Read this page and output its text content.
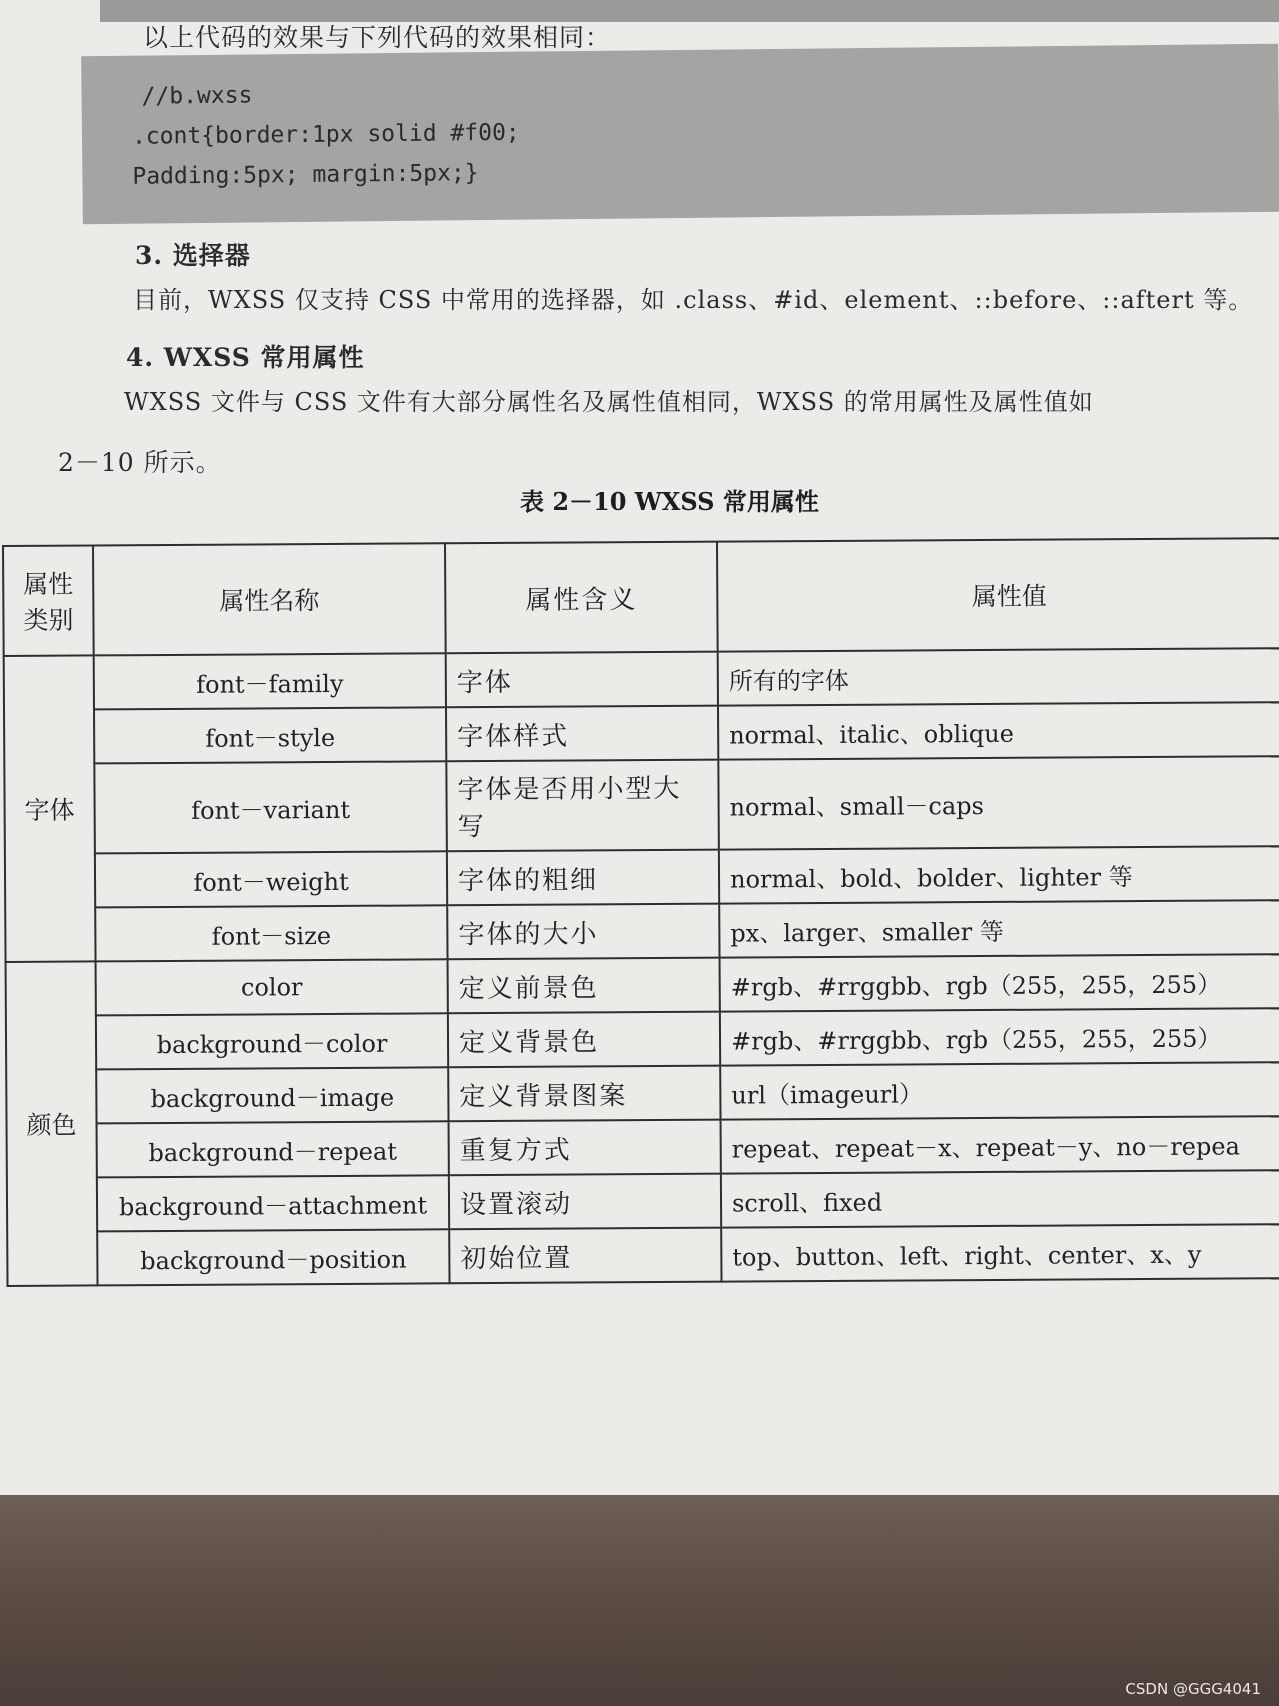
以上代码的效果与下列代码的效果相同：
//b.wxss
.cont{border:1px solid #f00;
Padding:5px; margin:5px;}
3. 选择器
目前，WXSS 仅支持 CSS 中常用的选择器，如 .class、#id、element、::before、::aftert 等。
4. WXSS 常用属性
WXSS 文件与 CSS 文件有大部分属性名及属性值相同，WXSS 的常用属性及属性值如
2－10 所示。
表 2－10 WXSS 常用属性
属性类别	属性名称	属性含义	属性值
字体	font－family	字体	所有的字体
	font－style	字体样式	normal、italic、oblique
	font－variant	字体是否用小型大写	normal、small－caps
	font－weight	字体的粗细	normal、bold、bolder、lighter 等
	font－size	字体的大小	px、larger、smaller 等
颜色	color	定义前景色	#rgb、#rrggbb、rgb（255，255，255）
	background－color	定义背景色	#rgb、#rrggbb、rgb（255，255，255）
	background－image	定义背景图案	url（imageurl）
	background－repeat	重复方式	repeat、repeat－x、repeat－y、no－repea
	background－attachment	设置滚动	scroll、fixed
	background－position	初始位置	top、button、left、right、center、x、y
CSDN @GGG4041
